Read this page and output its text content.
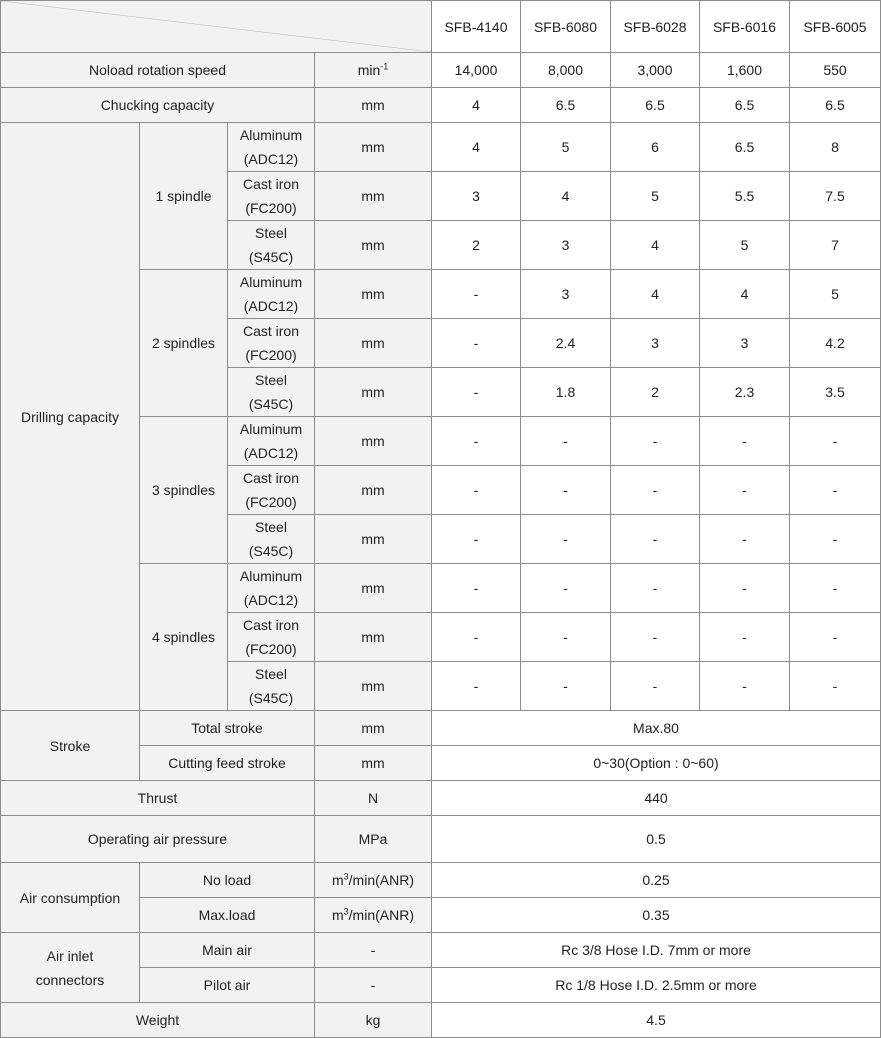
	SFB-4140	SFB-6080	SFB-6028	SFB-6016	SFB-6005
Noload rotation speed			$\min^{-1}$	14,000	8,000	3,000	1,600	550
Chucking capacity			mm	4	6.5	6.5	6.5	6.5
Drilling capacity	1 spindle	Aluminum
(ADC12)	mm	4	5	6	6.5	8

		Cast iron
(FC200)	mm	3	4	5	5.5	7.5

		Steel
(S45C)	mm	2	3	4	5	7
	2 spindles	Aluminum
(ADC12)	mm	-	3	4	4	5

		Cast iron
(FC200)	mm	-	2.4	3	3	4.2

		Steel
(S45C)	mm	-	1.8	2	2.3	3.5
	3 spindles	Aluminum
(ADC12)	mm	-	-	-	-	-

		Cast iron
(FC200)	mm	-	-	-	-	-

		Steel
(S45C)	mm	-	-	-	-	-
	4 spindles	Aluminum
(ADC12)	mm	-	-	-	-	-

		Cast iron
(FC200)	mm	-	-	-	-	-

		Steel
(S45C)	mm	-	-	-	-	-
Stroke	Total stroke		mm	Max.80				
	Cutting feed stroke		mm	0~30(Option : 0~60)				
Thrust			N	440				
Operating air pressure			MPa	0.5				
Air consumption	No load		$m^3/\min(ANR)$	0.25				
	Max.load		$m^3/\min(ANR)$	0.35				

Air inlet
connectors	Main air		-	Rc 3/8 Hose I.D. 7mm or more				
	Pilot air		-	Rc 1/8 Hose I.D. 2.5mm or more				
Weight			kg	4.5				
